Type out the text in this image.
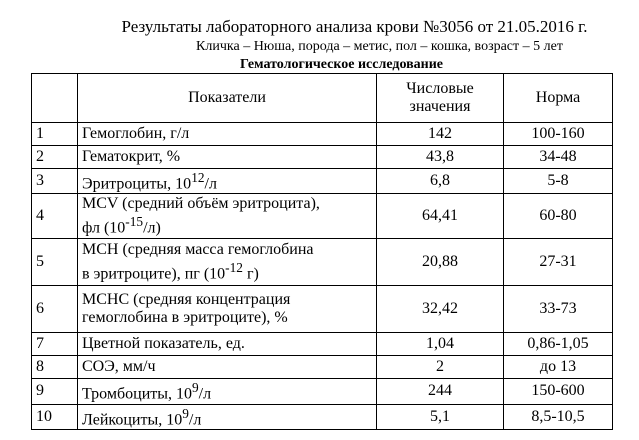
Результаты лабораторного анализа крови №3056 от 21.05.2016 г.
Кличка – Нюша, порода – метис, пол – кошка, возраст – 5 лет
Гематологическое исследование
	Показатели	Числовые значения	Норма
1	Гемоглобин, г/л	142	100-160
2	Гематокрит, %	43,8	34-48
3	Эритроциты, $10^{12}/л$	6,8	5-8
4	MCV (средний объём эритроцита),
фл $(10^{-15}/л)$	64,41	60-80
5	MCH (средняя масса гемоглобина
в эритроците), пг ($10^{-12}$ г)	20,88	27-31
6	MCHC (средняя концентрация
гемоглобина в эритроците), %	32,42	33-73
7	Цветной показатель, ед.	1,04	0,86-1,05
8	СОЭ, мм/ч	2	до 13
9	Тромбоциты, $10^9/л$	244	150-600
10	Лейкоциты, $10^9/л$	5,1	8,5-10,5
